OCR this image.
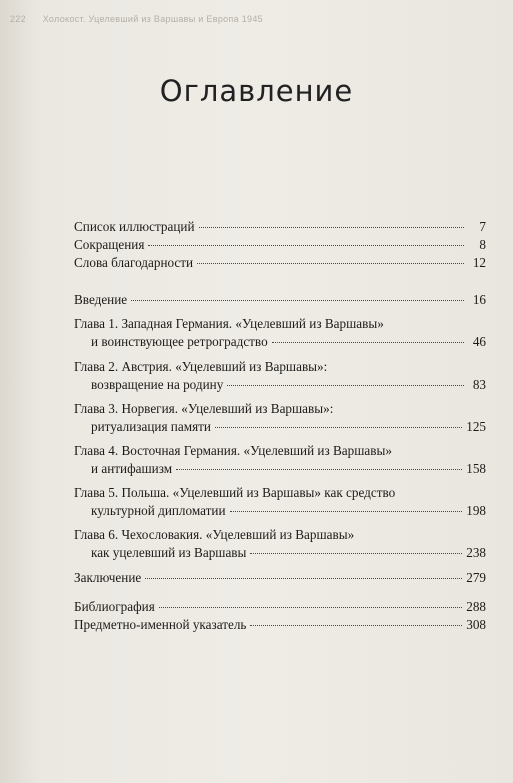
222 Холокост. Уцелевший из Варшавы и Европа 1945
Оглавление
Список иллюстраций	7
Сокращения	8
Слова благодарности	12
Введение	16
Глава 1. Западная Германия. «Уцелевший из Варшавы»
и воинствующее ретроградство	46
Глава 2. Австрия. «Уцелевший из Варшавы»:
возвращение на родину	83
Глава 3. Норвегия. «Уцелевший из Варшавы»:
ритуализация памяти	125
Глава 4. Восточная Германия. «Уцелевший из Варшавы»
и антифашизм	158
Глава 5. Польша. «Уцелевший из Варшавы» как средство
культурной дипломатии	198
Глава 6. Чехословакия. «Уцелевший из Варшавы»
как уцелевший из Варшавы	238
Заключение	279
Библиография	288
Предметно-именной указатель	308
